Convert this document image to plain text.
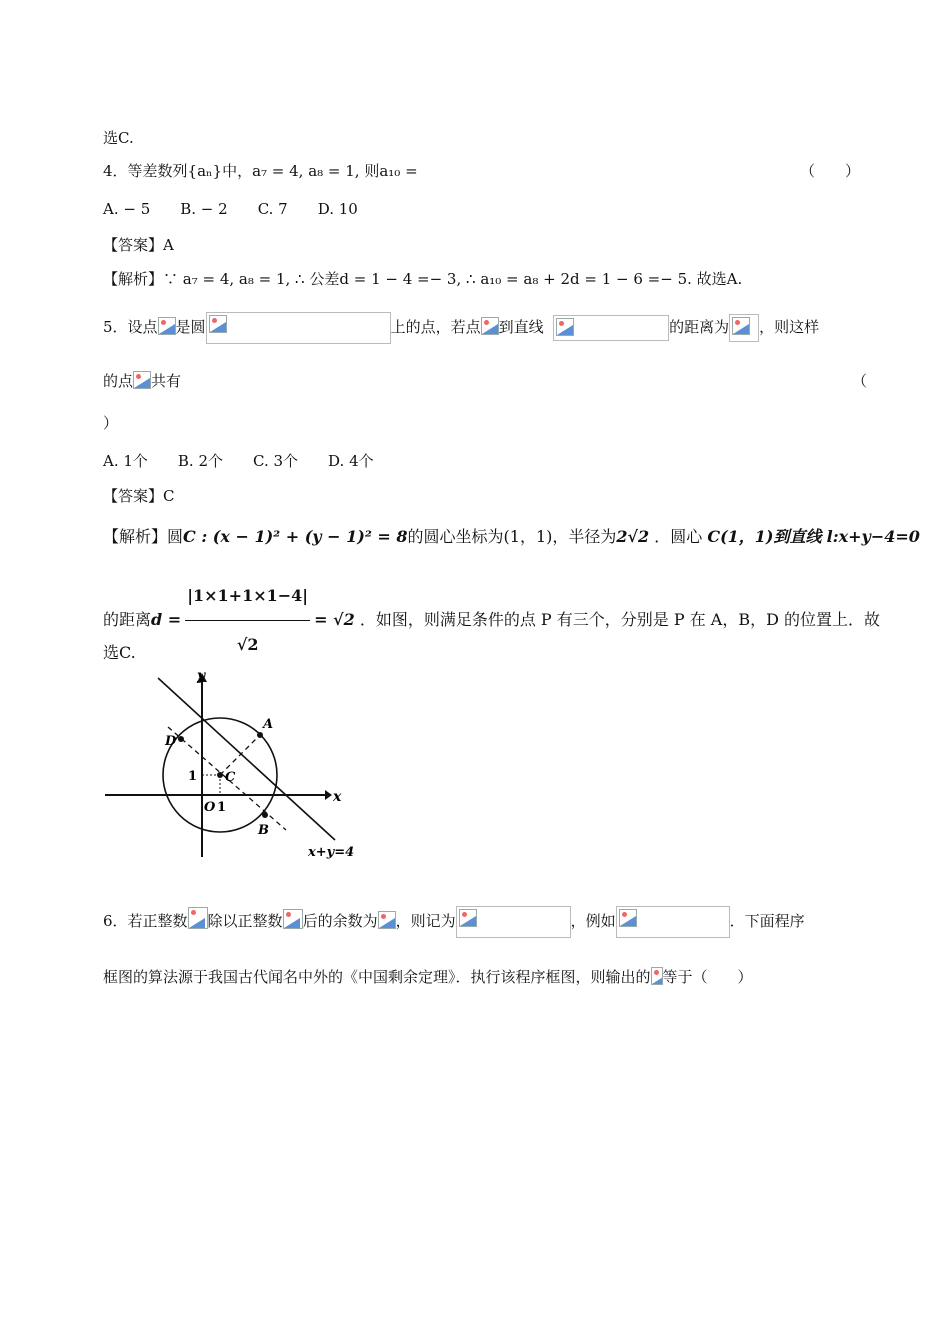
选C.
4．等差数列{aₙ}中，a₇ = 4, a₈ = 1, 则a₁₀ =	（　　）
A. − 5　　B. − 2　　C. 7　　D. 10
【答案】A
【解析】∵ a₇ = 4, a₈ = 1, ∴ 公差d = 1 − 4 =− 3, ∴ a₁₀ = a₈ + 2d = 1 − 6 =− 5. 故选A.
5．设点 是圆	上的点，若点 到直线	的距离为 ，则这样
的点 共有	（
）
A. 1个　　B. 2个　　C. 3个　　D. 4个
【答案】C
【解析】圆C : (x − 1)² + (y − 1)² = 8的圆心坐标为(1，1)，半径为2√2 ．圆心 C(1，1)到直线 l:x+y−4=0
的距离$d = \frac{|1\times 1+1\times 1-4|}{√2} = √2$ ．如图，则满足条件的点 P 有三个，分别是 P 在 A，B，D 的位置上．故
选C.
y
x
A
B
C
D
O 1
1
x+y=4
6．若正整数 除以正整数 后的余数为 ，则记为	，例如	．下面程序
框图的算法源于我国古代闻名中外的《中国剩余定理》．执行该程序框图，则输出的 等于（　　）
